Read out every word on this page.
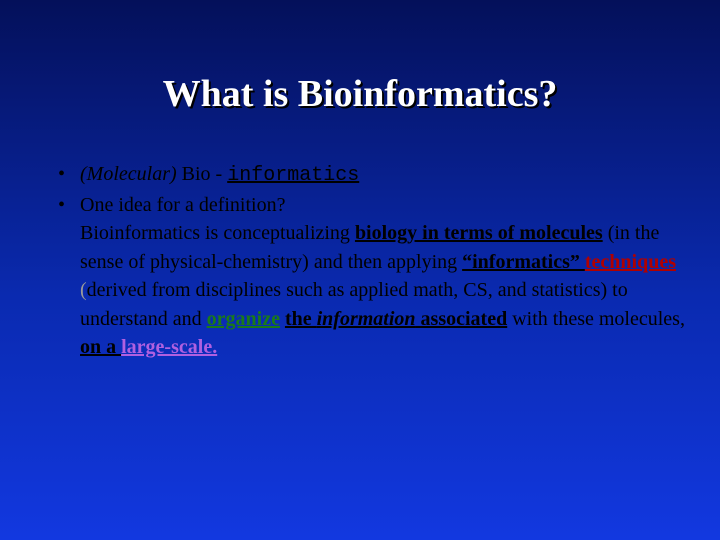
What is Bioinformatics?
• (Molecular) Bio - informatics
• One idea for a definition?
Bioinformatics is conceptualizing biology in terms of molecules (in the sense of physical-chemistry) and then applying “informatics” techniques (derived from disciplines such as applied math, CS, and statistics) to understand and organize the information associated with these molecules, on a large-scale.
